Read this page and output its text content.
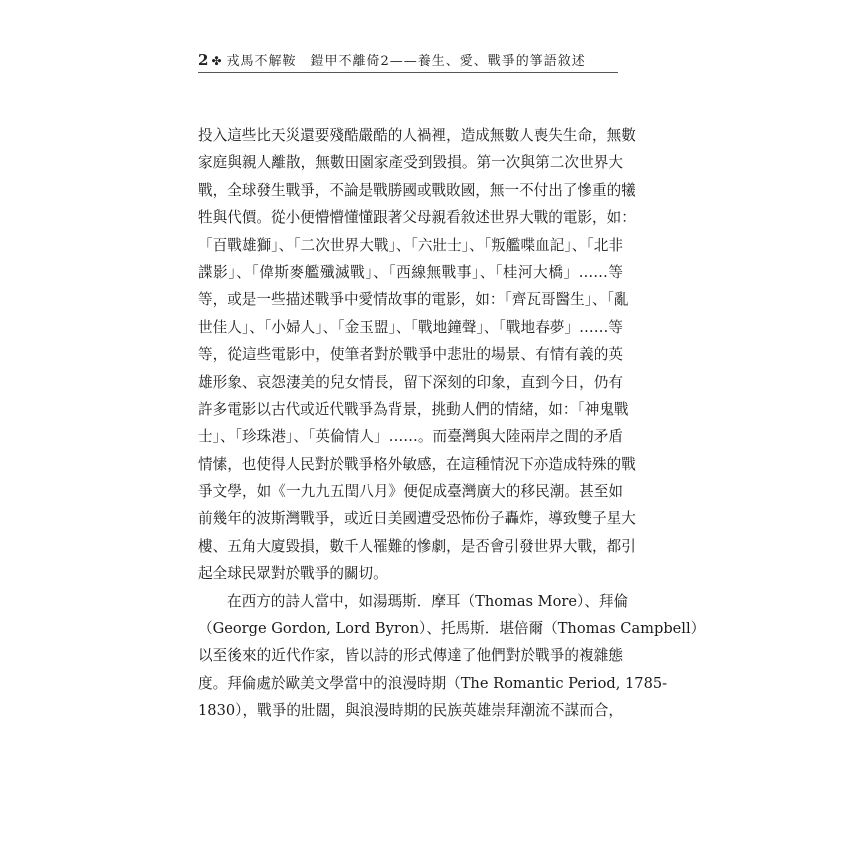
2 ✤ 戎馬不解鞍 鎧甲不離倚2——養生、愛、戰爭的箏語敘述
投入這些比天災還要殘酷嚴酷的人禍裡，造成無數人喪失生命，無數
家庭與親人離散，無數田園家產受到毀損。第一次與第二次世界大
戰，全球發生戰爭，不論是戰勝國或戰敗國，無一不付出了慘重的犧
牲與代價。從小便懵懵懂懂跟著父母親看敘述世界大戰的電影，如：
「百戰雄獅」、「二次世界大戰」、「六壯士」、「叛艦喋血記」、「北非
諜影」、「偉斯麥艦殲滅戰」、「西線無戰事」、「桂河大橋」……等
等，或是一些描述戰爭中愛情故事的電影，如：「齊瓦哥醫生」、「亂
世佳人」、「小婦人」、「金玉盟」、「戰地鐘聲」、「戰地春夢」……等
等，從這些電影中，使筆者對於戰爭中悲壯的場景、有情有義的英
雄形象、哀怨淒美的兒女情長，留下深刻的印象，直到今日，仍有
許多電影以古代或近代戰爭為背景，挑動人們的情緒，如：「神鬼戰
士」、「珍珠港」、「英倫情人」……。而臺灣與大陸兩岸之間的矛盾
情愫，也使得人民對於戰爭格外敏感，在這種情況下亦造成特殊的戰
爭文學，如《一九九五閏八月》便促成臺灣廣大的移民潮。甚至如
前幾年的波斯灣戰爭，或近日美國遭受恐怖份子轟炸，導致雙子星大
樓、五角大廈毀損，數千人罹難的慘劇，是否會引發世界大戰，都引
起全球民眾對於戰爭的關切。
在西方的詩人當中，如湯瑪斯．摩耳（Thomas More）、拜倫
（George Gordon, Lord Byron）、托馬斯．堪倍爾（Thomas Campbell）
以至後來的近代作家，皆以詩的形式傳達了他們對於戰爭的複雜態
度。拜倫處於歐美文學當中的浪漫時期（The Romantic Period, 1785-
1830），戰爭的壯闊，與浪漫時期的民族英雄崇拜潮流不謀而合，
